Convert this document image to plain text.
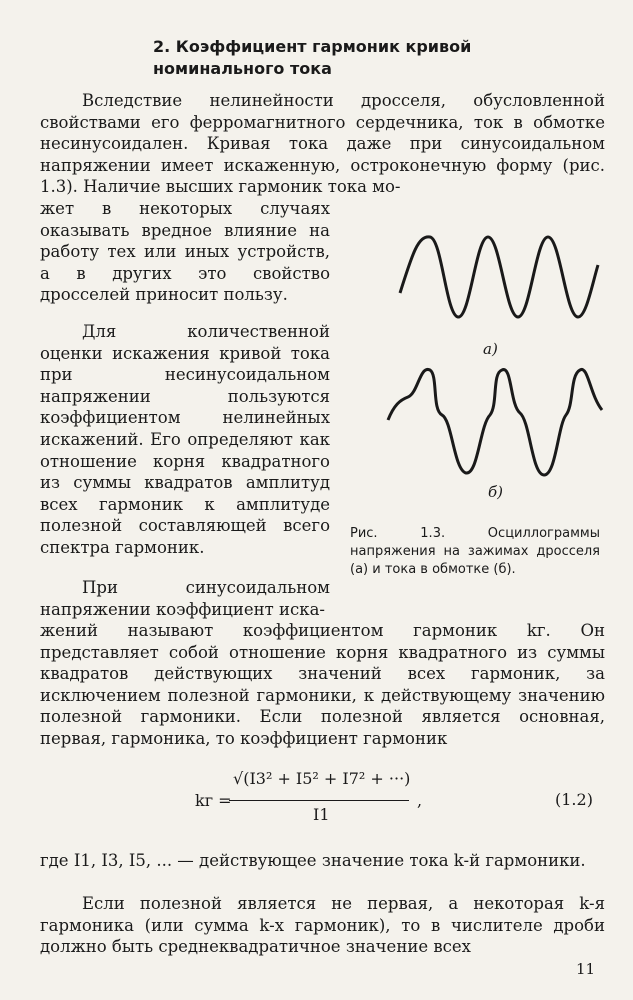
2. Коэффициент гармоник кривой номинального тока
Вследствие нелинейности дросселя, обусловленной свойствами его ферромагнитного сердечника, ток в обмотке несинусоидален. Кривая тока даже при синусоидальном напряжении имеет искаженную, остроконечную форму (рис. 1.3). Наличие высших гармоник тока мо-
жет в некоторых случаях оказывать вредное влияние на работу тех или иных устройств, а в других это свойство дросселей приносит пользу.
Для количественной оценки искажения кривой тока при несинусоидальном напряжении пользуются коэффициентом нелинейных искажений. Его определяют как отношение корня квадратного из суммы квадратов амплитуд всех гармоник к амплитуде полезной составляющей всего спектра гармоник.
При синусоидальном напряжении коэффициент иска-
жений называют коэффициентом гармоник kг. Он представляет собой отношение корня квадратного из суммы квадратов действующих значений всех гармоник, за исключением полезной гармоники, к действующему значению полезной гармоники. Если полезной является основная, первая, гармоника, то коэффициент гармоник
а)
б)
Рис. 1.3. Осциллограммы напряжения на зажимах дросселя (а) и тока в обмотке (б).
kг =
√(I3² + I5² + I7² + ···)
I1
,	(1.2)
где I1, I3, I5, ... — действующее значение тока k-й гармоники.
Если полезной является не первая, а некоторая k-я гармоника (или сумма k-х гармоник), то в числителе дроби должно быть среднеквадратичное значение всех
11
